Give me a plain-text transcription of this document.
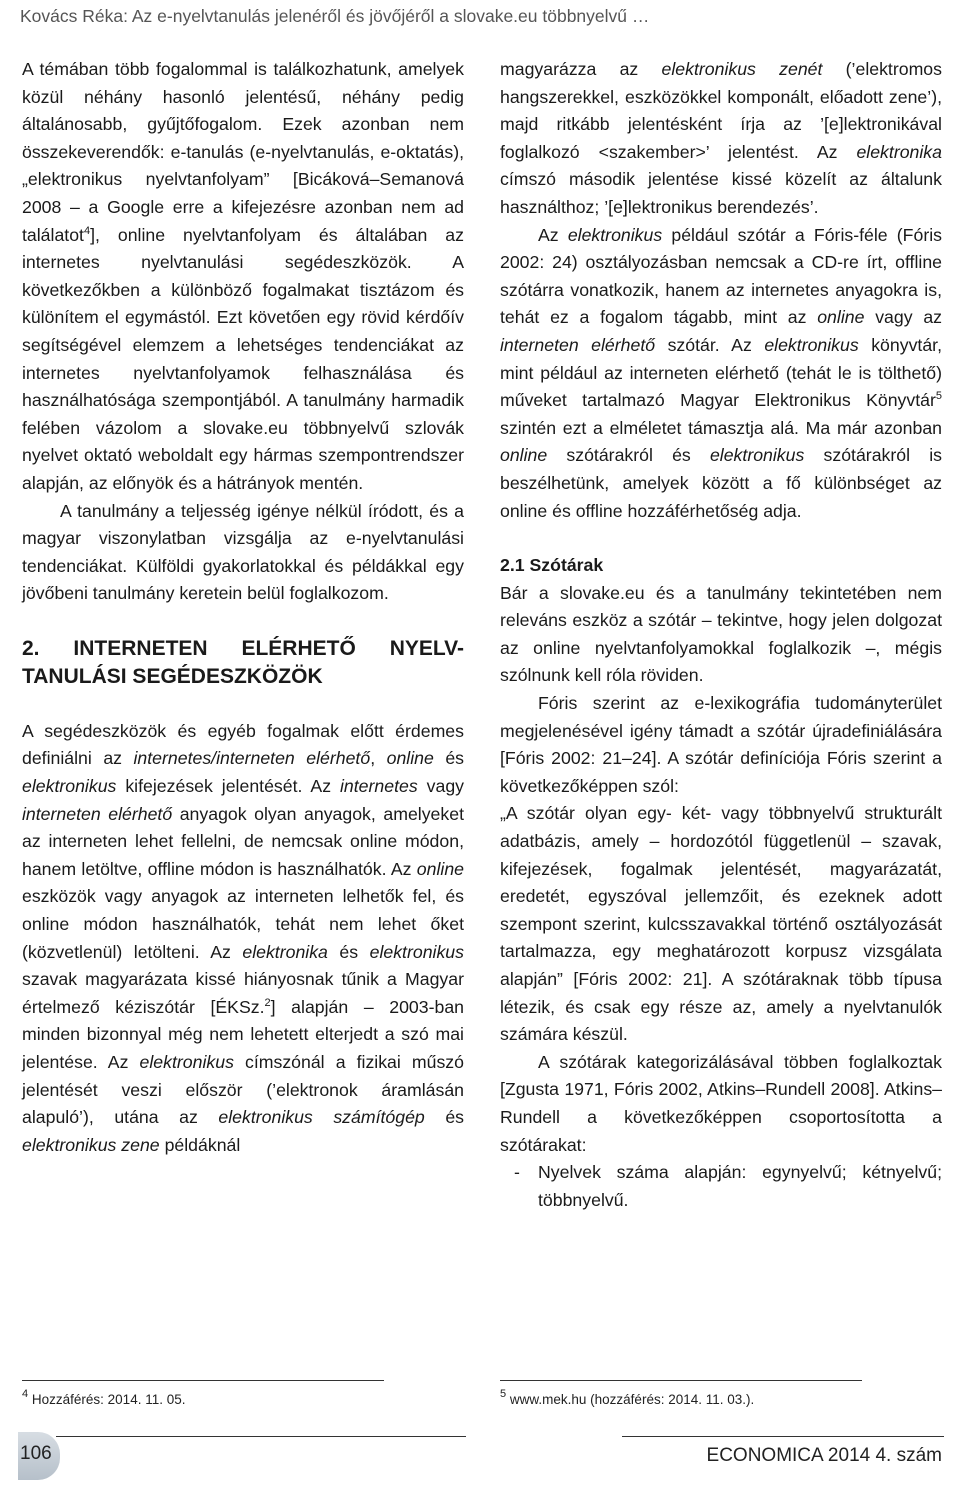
Kovács Réka: Az e-nyelvtanulás jelenéről és jövőjéről a slovake.eu többnyelvű …

A témában több fogalommal is találkozhatunk, amelyek közül néhány hasonló jelentésű, néhány pedig általánosabb, gyűjtőfogalom. Ezek azonban nem összekeverendők: e-tanulás (e-nyelvtanulás, e-oktatás), „elektronikus nyelvtanfolyam” [Bicáková–Semanová 2008 – a Google erre a kifejezésre azonban nem ad találatot$^4$], online nyelvtanfolyam és általában az internetes nyelvtanulási segédeszközök. A következőkben a különböző fogalmakat tisztázom és különítem el egymástól. Ezt követően egy rövid kérdőív segítségével elemzem a lehetséges tendenciákat az internetes nyelvtanfolyamok felhasználása és használhatósága szempontjából. A tanulmány harmadik felében vázolom a slovake.eu többnyelvű szlovák nyelvet oktató weboldalt egy hármas szempontrendszer alapján, az előnyök és a hátrányok mentén.

A tanulmány a teljesség igénye nélkül íródott, és a magyar viszonylatban vizsgálja az e-nyelvtanulási tendenciákat. Külföldi gyakorlatokkal és példákkal egy jövőbeni tanulmány keretein belül foglalkozom.

2. INTERNETEN ELÉRHETŐ NYELV-TANULÁSI SEGÉDESZKÖZÖK

A segédeszközök és egyéb fogalmak előtt érdemes definiálni az internetes/interneten elérhető, online és elektronikus kifejezések jelentését. Az internetes vagy interneten elérhető anyagok olyan anyagok, amelyeket az interneten lehet fellelni, de nemcsak online módon, hanem letöltve, offline módon is használhatók. Az online eszközök vagy anyagok az interneten lelhetők fel, és online módon használhatók, tehát nem lehet őket (közvetlenül) letölteni. Az elektronika és elektronikus szavak magyarázata kissé hiányosnak tűnik a Magyar értelmező kéziszótár [ÉKSz.$^2$] alapján – 2003-ban minden bizonnyal még nem lehetett elterjedt a szó mai jelentése. Az elektronikus címszónál a fizikai műszó jelentését veszi először (’elektronok áramlásán alapuló’), utána az elektronikus számítógép és elektronikus zene példáknál

magyarázza az elektronikus zenét (’elektromos hangszerekkel, eszközökkel komponált, előadott zene’), majd ritkább jelentésként írja az ’[e]lektronikával foglalkozó <szakember>’ jelentést. Az elektronika címszó második jelentése kissé közelít az általunk használthoz; ’[e]lektronikus berendezés’.

Az elektronikus például szótár a Fóris-féle (Fóris 2002: 24) osztályozásban nemcsak a CD-re írt, offline szótárra vonatkozik, hanem az internetes anyagokra is, tehát ez a fogalom tágabb, mint az online vagy az interneten elérhető szótár. Az elektronikus könyvtár, mint például az interneten elérhető (tehát le is tölthető) műveket tartalmazó Magyar Elektronikus Könyvtár$^5$ szintén ezt a elméletet támasztja alá. Ma már azonban online szótárakról és elektronikus szótárakról is beszélhetünk, amelyek között a fő különbséget az online és offline hozzáférhetőség adja.

2.1 Szótárak

Bár a slovake.eu és a tanulmány tekintetében nem releváns eszköz a szótár – tekintve, hogy jelen dolgozat az online nyelvtanfolyamokkal foglalkozik –, mégis szólnunk kell róla röviden.

Fóris szerint az e-lexikográfia tudományterület megjelenésével igény támadt a szótár újradefiniálására [Fóris 2002: 21–24]. A szótár definíciója Fóris szerint a következőképpen szól:

„A szótár olyan egy- két- vagy többnyelvű strukturált adatbázis, amely – hordozótól függetlenül – szavak, kifejezések, fogalmak jelentését, magyarázatát, eredetét, egyszóval jellemzőit, és ezeknek adott szempont szerint, kulcsszavakkal történő osztályozását tartalmazza, egy meghatározott korpusz vizsgálata alapján” [Fóris 2002: 21]. A szótáraknak több típusa létezik, és csak egy része az, amely a nyelvtanulók számára készül.

A szótárak kategorizálásával többen foglalkoztak [Zgusta 1971, Fóris 2002, Atkins–Rundell 2008]. Atkins–Rundell a következőképpen csoportosította a szótárakat:

-	Nyelvek száma alapján: egynyelvű; kétnyelvű; többnyelvű.
$^4$ Hozzáférés: 2014. 11. 05.	$^5$ www.mek.hu (hozzáférés: 2014. 11. 03.).
106	ECONOMICA 2014 4. szám
